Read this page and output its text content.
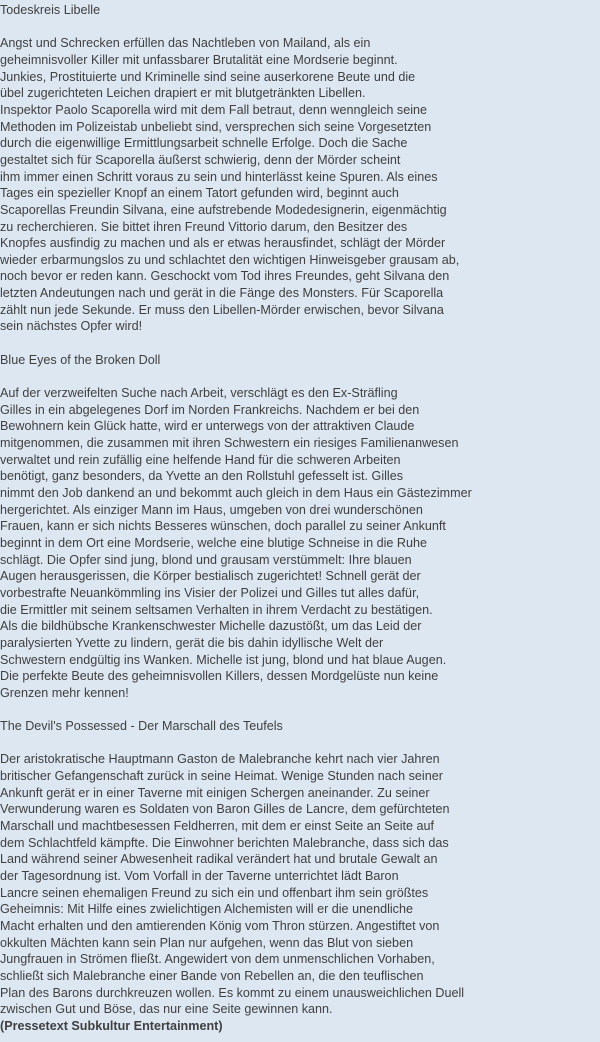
Todeskreis Libelle
Angst und Schrecken erfüllen das Nachtleben von Mailand, als ein
geheimnisvoller Killer mit unfassbarer Brutalität eine Mordserie beginnt.
Junkies, Prostituierte und Kriminelle sind seine auserkorene Beute und die
übel zugerichteten Leichen drapiert er mit blutgetränkten Libellen.
Inspektor Paolo Scaporella wird mit dem Fall betraut, denn wenngleich seine
Methoden im Polizeistab unbeliebt sind, versprechen sich seine Vorgesetzten
durch die eigenwillige Ermittlungsarbeit schnelle Erfolge. Doch die Sache
gestaltet sich für Scaporella äußerst schwierig, denn der Mörder scheint
ihm immer einen Schritt voraus zu sein und hinterlässt keine Spuren. Als eines
Tages ein spezieller Knopf an einem Tatort gefunden wird, beginnt auch
Scaporellas Freundin Silvana, eine aufstrebende Modedesignerin, eigenmächtig
zu recherchieren. Sie bittet ihren Freund Vittorio darum, den Besitzer des
Knopfes ausfindig zu machen und als er etwas herausfindet, schlägt der Mörder
wieder erbarmungslos zu und schlachtet den wichtigen Hinweisgeber grausam ab,
noch bevor er reden kann. Geschockt vom Tod ihres Freundes, geht Silvana den
letzten Andeutungen nach und gerät in die Fänge des Monsters. Für Scaporella
zählt nun jede Sekunde. Er muss den Libellen-Mörder erwischen, bevor Silvana
sein nächstes Opfer wird!
Blue Eyes of the Broken Doll
Auf der verzweifelten Suche nach Arbeit, verschlägt es den Ex-Sträfling
Gilles in ein abgelegenes Dorf im Norden Frankreichs. Nachdem er bei den
Bewohnern kein Glück hatte, wird er unterwegs von der attraktiven Claude
mitgenommen, die zusammen mit ihren Schwestern ein riesiges Familienanwesen
verwaltet und rein zufällig eine helfende Hand für die schweren Arbeiten
benötigt, ganz besonders, da Yvette an den Rollstuhl gefesselt ist. Gilles
nimmt den Job dankend an und bekommt auch gleich in dem Haus ein Gästezimmer
hergerichtet. Als einziger Mann im Haus, umgeben von drei wunderschönen
Frauen, kann er sich nichts Besseres wünschen, doch parallel zu seiner Ankunft
beginnt in dem Ort eine Mordserie, welche eine blutige Schneise in die Ruhe
schlägt. Die Opfer sind jung, blond und grausam verstümmelt: Ihre blauen
Augen herausgerissen, die Körper bestialisch zugerichtet! Schnell gerät der
vorbestrafte Neuankömmling ins Visier der Polizei und Gilles tut alles dafür,
die Ermittler mit seinem seltsamen Verhalten in ihrem Verdacht zu bestätigen.
Als die bildhübsche Krankenschwester Michelle dazustößt, um das Leid der
paralysierten Yvette zu lindern, gerät die bis dahin idyllische Welt der
Schwestern endgültig ins Wanken. Michelle ist jung, blond und hat blaue Augen.
Die perfekte Beute des geheimnisvollen Killers, dessen Mordgelüste nun keine
Grenzen mehr kennen!
The Devil's Possessed - Der Marschall des Teufels
Der aristokratische Hauptmann Gaston de Malebranche kehrt nach vier Jahren
britischer Gefangenschaft zurück in seine Heimat. Wenige Stunden nach seiner
Ankunft gerät er in einer Taverne mit einigen Schergen aneinander. Zu seiner
Verwunderung waren es Soldaten von Baron Gilles de Lancre, dem gefürchteten
Marschall und machtbesessen Feldherren, mit dem er einst Seite an Seite auf
dem Schlachtfeld kämpfte. Die Einwohner berichten Malebranche, dass sich das
Land während seiner Abwesenheit radikal verändert hat und brutale Gewalt an
der Tagesordnung ist. Vom Vorfall in der Taverne unterrichtet lädt Baron
Lancre seinen ehemaligen Freund zu sich ein und offenbart ihm sein größtes
Geheimnis: Mit Hilfe eines zwielichtigen Alchemisten will er die unendliche
Macht erhalten und den amtierenden König vom Thron stürzen. Angestiftet von
okkulten Mächten kann sein Plan nur aufgehen, wenn das Blut von sieben
Jungfrauen in Strömen fließt. Angewidert von dem unmenschlichen Vorhaben,
schließt sich Malebranche einer Bande von Rebellen an, die den teuflischen
Plan des Barons durchkreuzen wollen. Es kommt zu einem unausweichlichen Duell
zwischen Gut und Böse, das nur eine Seite gewinnen kann.
(Pressetext Subkultur Entertainment)
